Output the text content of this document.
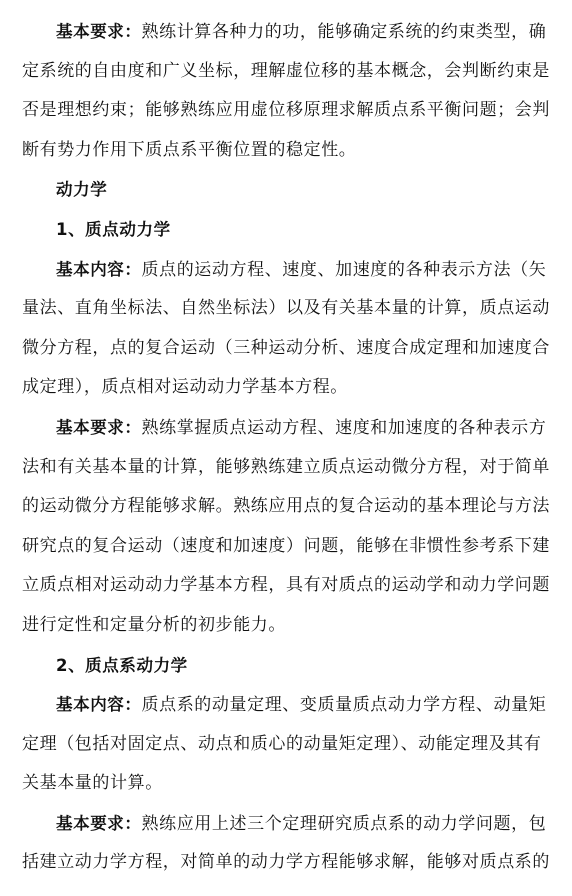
基本要求：熟练计算各种力的功，能够确定系统的约束类型，确
定系统的自由度和广义坐标，理解虚位移的基本概念，会判断约束是
否是理想约束；能够熟练应用虚位移原理求解质点系平衡问题；会判
断有势力作用下质点系平衡位置的稳定性。
动力学
1、质点动力学
基本内容：质点的运动方程、速度、加速度的各种表示方法（矢
量法、直角坐标法、自然坐标法）以及有关基本量的计算，质点运动
微分方程，点的复合运动（三种运动分析、速度合成定理和加速度合
成定理），质点相对运动动力学基本方程。
基本要求：熟练掌握质点运动方程、速度和加速度的各种表示方
法和有关基本量的计算，能够熟练建立质点运动微分方程，对于简单
的运动微分方程能够求解。熟练应用点的复合运动的基本理论与方法
研究点的复合运动（速度和加速度）问题，能够在非惯性参考系下建
立质点相对运动动力学基本方程，具有对质点的运动学和动力学问题
进行定性和定量分析的初步能力。
2、质点系动力学
基本内容：质点系的动量定理、变质量质点动力学方程、动量矩
定理（包括对固定点、动点和质心的动量矩定理）、动能定理及其有
关基本量的计算。
基本要求：熟练应用上述三个定理研究质点系的动力学问题，包
括建立动力学方程，对简单的动力学方程能够求解，能够对质点系的
